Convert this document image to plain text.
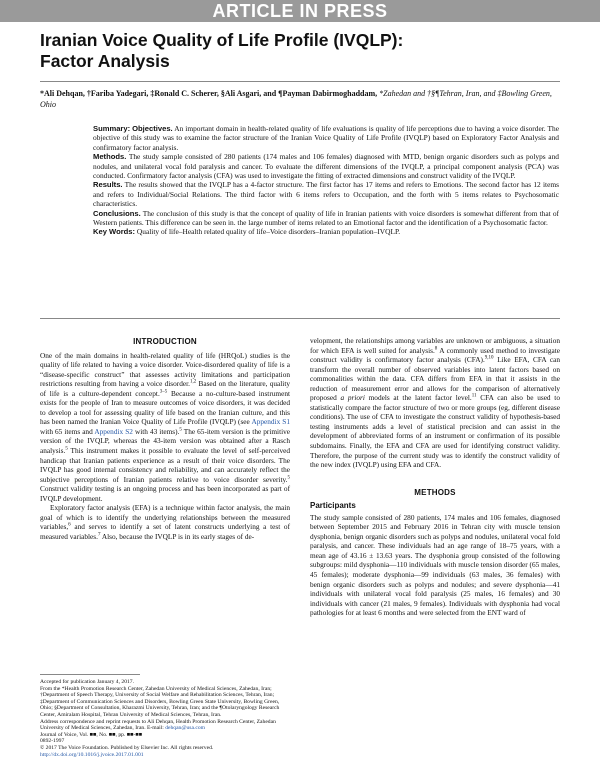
ARTICLE IN PRESS
Iranian Voice Quality of Life Profile (IVQLP):
Factor Analysis
*Ali Dehqan, †Fariba Yadegari, ‡Ronald C. Scherer, §Ali Asgari, and ¶Payman Dabirmoghaddam, *Zahedan and †§¶Tehran, Iran, and ‡Bowling Green, Ohio

Summary: Objectives. An important domain in health-related quality of life evaluations is quality of life perceptions due to having a voice disorder. The objective of this study was to examine the factor structure of the Iranian Voice Quality of Life Profile (IVQLP) based on Exploratory Factor Analysis and confirmatory factor analysis.

Methods. The study sample consisted of 280 patients (174 males and 106 females) diagnosed with MTD, benign organic disorders such as polyps and nodules, and unilateral vocal fold paralysis and cancer. To evaluate the different dimensions of the IVQLP, a principal component analysis (PCA) was conducted. Confirmatory factor analysis (CFA) was used to investigate the fitting of extracted dimensions and construct validity of the IVQLP.

Results. The results showed that the IVQLP has a 4-factor structure. The first factor has 17 items and refers to Emotions. The second factor has 12 items and refers to Individual/Social Relations. The third factor with 6 items refers to Occupation, and the forth with 5 items relates to Psychosomatic characteristics.

Conclusions. The conclusion of this study is that the concept of quality of life in Iranian patients with voice disorders is somewhat different from that of Western patients. This difference can be seen in. the large number of items related to an Emotional factor and the identification of a Psychosomatic factor.

Key Words: Quality of life–Health related quality of life–Voice disorders–Iranian population–IVQLP.

INTRODUCTION

One of the main domains in health-related quality of life (HRQoL) studies is the quality of life related to having a voice disorder. Voice-disordered quality of life is a “disease-specific construct” that assesses activity limitations and participation restrictions resulting from having a voice disorder.$^{1,2}$ Based on the literature, quality of life is a culture-dependent concept.$^{3-5}$ Because a no-culture-based instrument exists for the people of Iran to measure outcomes of voice disorders, it was decided to develop a tool for assessing quality of life based on the Iranian culture, and this has been named the Iranian Voice Quality of Life Profile (IVQLP) (see Appendix S1 with 65 items and Appendix S2 with 43 items).$^5$ The 65-item version is the primitive version of the IVQLP, whereas the 43-item version was obtained after a Rasch analysis.$^5$ This instrument makes it possible to evaluate the level of self-perceived handicap that Iranian patients experience as a result of their voice disorders. The IVQLP has good internal consistency and reliability, and can accurately reflect the subjective perceptions of Iranian patients relative to voice disorder severity.$^5$ Construct validity testing is an ongoing process and has been incorporated as part of IVQLP development.

Exploratory factor analysis (EFA) is a technique within factor analysis, the main goal of which is to identify the underlying relationships between the measured variables,$^6$ and serves to identify a set of latent constructs underlying a test of measured variables.$^7$ Also, because the IVQLP is in its early stages of de-

Accepted for publication January 4, 2017.

From the *Health Promotion Research Center, Zahedan University of Medical Sciences, Zahedan, Iran; †Department of Speech Therapy, University of Social Welfare and Rehabilitation Sciences, Tehran, Iran; ‡Department of Communication Sciences and Disorders, Bowling Green State University, Bowling Green, Ohio; §Department of Consultation, Kharazmi University, Tehran, Iran; and the ¶Otolaryngology Research Center, Amiralam Hospital, Tehran University of Medical Sciences, Tehran, Iran.

Address correspondence and reprint requests to Ali Dehqan, Health Promotion Research Center, Zahedan University of Medical Sciences, Zahedan, Iran. E-mail: dehqan@usa.com

Journal of Voice, Vol. ■■, No. ■■, pp. ■■-■■

0892-1997

© 2017 The Voice Foundation. Published by Elsevier Inc. All rights reserved.

http://dx.doi.org/10.1016/j.jvoice.2017.01.001

velopment, the relationships among variables are unknown or ambiguous, a situation for which EFA is well suited for analysis.$^8$ A commonly used method to investigate construct validity is confirmatory factor analysis (CFA).$^{9,10}$ Like EFA, CFA can transform the overall number of observed variables into latent factors based on commonalities within the data. CFA differs from EFA in that it assists in the reduction of measurement error and allows for the comparison of alternatively proposed a priori models at the latent factor level.$^{11}$ CFA can also be used to statistically compare the factor structure of two or more groups (eg, different disease conditions). The use of CFA to investigate the construct validity of hypothesis-based testing instruments adds a level of statistical precision and can assist in the development of abbreviated forms of an instrument or confirmation of its possible subdomains. Finally, the EFA and CFA are used for identifying construct validity. Therefore, the purpose of the current study was to identify the construct validity of the new index (IVQLP) using EFA and CFA.

METHODS
Participants

The study sample consisted of 280 patients, 174 males and 106 females, diagnosed between September 2015 and February 2016 in Tehran city with muscle tension dysphonia, benign organic disorders such as polyps and nodules, unilateral vocal fold paralysis, and cancer. These individuals had an age range of 18–75 years, with a mean age of 43.16 ± 13.63 years. The dysphonia group consisted of the following subgroups: mild dysphonia—110 individuals with muscle tension disorder (65 males, 45 females); moderate dysphonia—99 individuals (63 males, 36 females) with benign organic disorders such as polyps and nodules; and severe dysphonia—41 individuals with unilateral vocal fold paralysis (25 males, 16 females) and 30 individuals with cancer (21 males, 9 females). Individuals with dysphonia had vocal pathologies for at least 6 months and were selected from the ENT ward of
